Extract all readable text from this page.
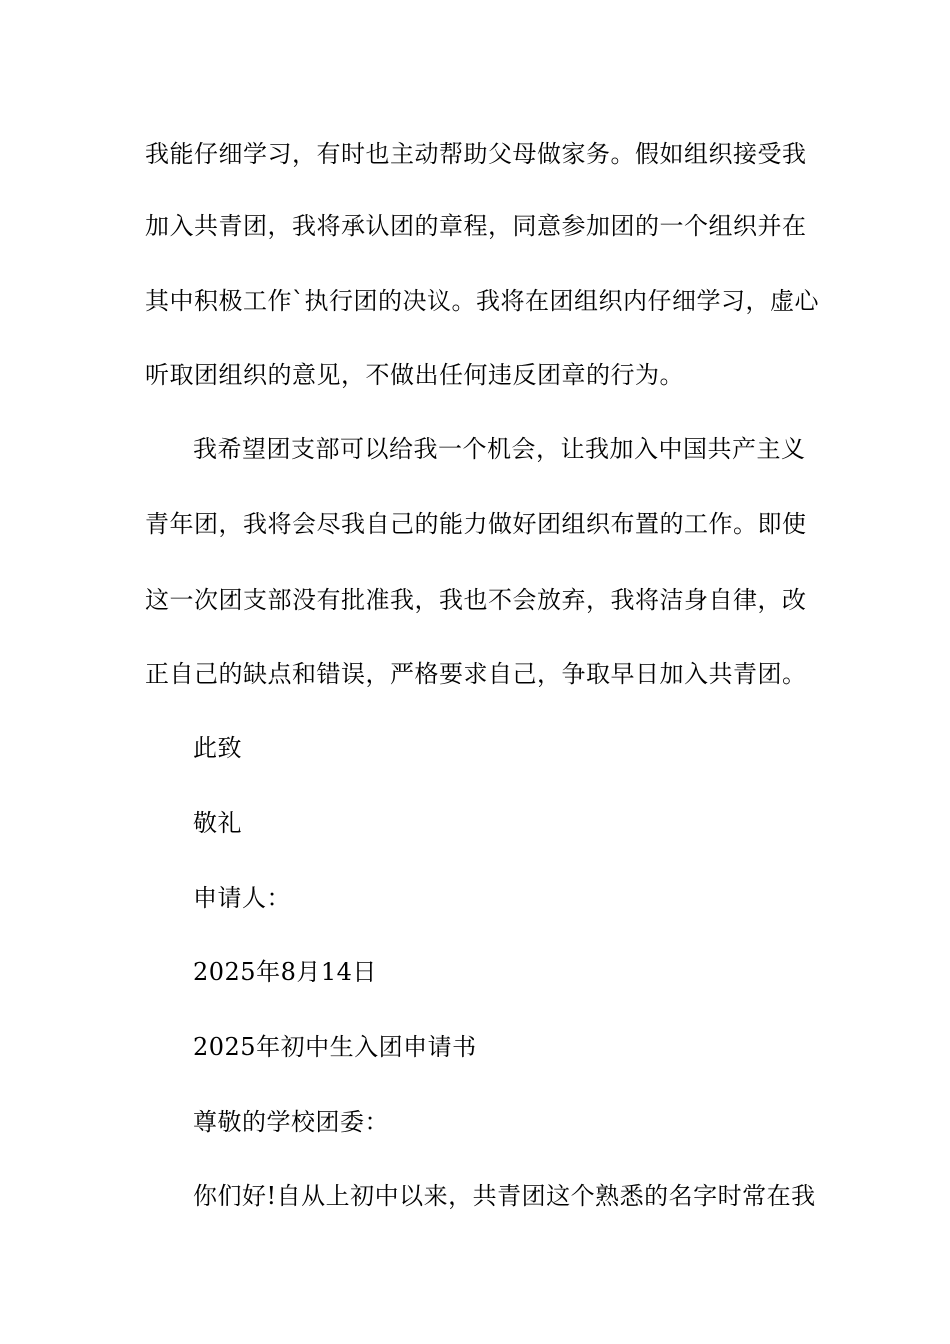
我能仔细学习，有时也主动帮助父母做家务。假如组织接受我
加入共青团，我将承认团的章程，同意参加团的一个组织并在
其中积极工作`执行团的决议。我将在团组织内仔细学习，虚心
听取团组织的意见，不做出任何违反团章的行为。
我希望团支部可以给我一个机会，让我加入中国共产主义
青年团，我将会尽我自己的能力做好团组织布置的工作。即使
这一次团支部没有批准我，我也不会放弃，我将洁身自律，改
正自己的缺点和错误，严格要求自己，争取早日加入共青团。
此致
敬礼
申请人：
2025年8月14日
2025年初中生入团申请书
尊敬的学校团委：
你们好!自从上初中以来，共青团这个熟悉的名字时常在我
